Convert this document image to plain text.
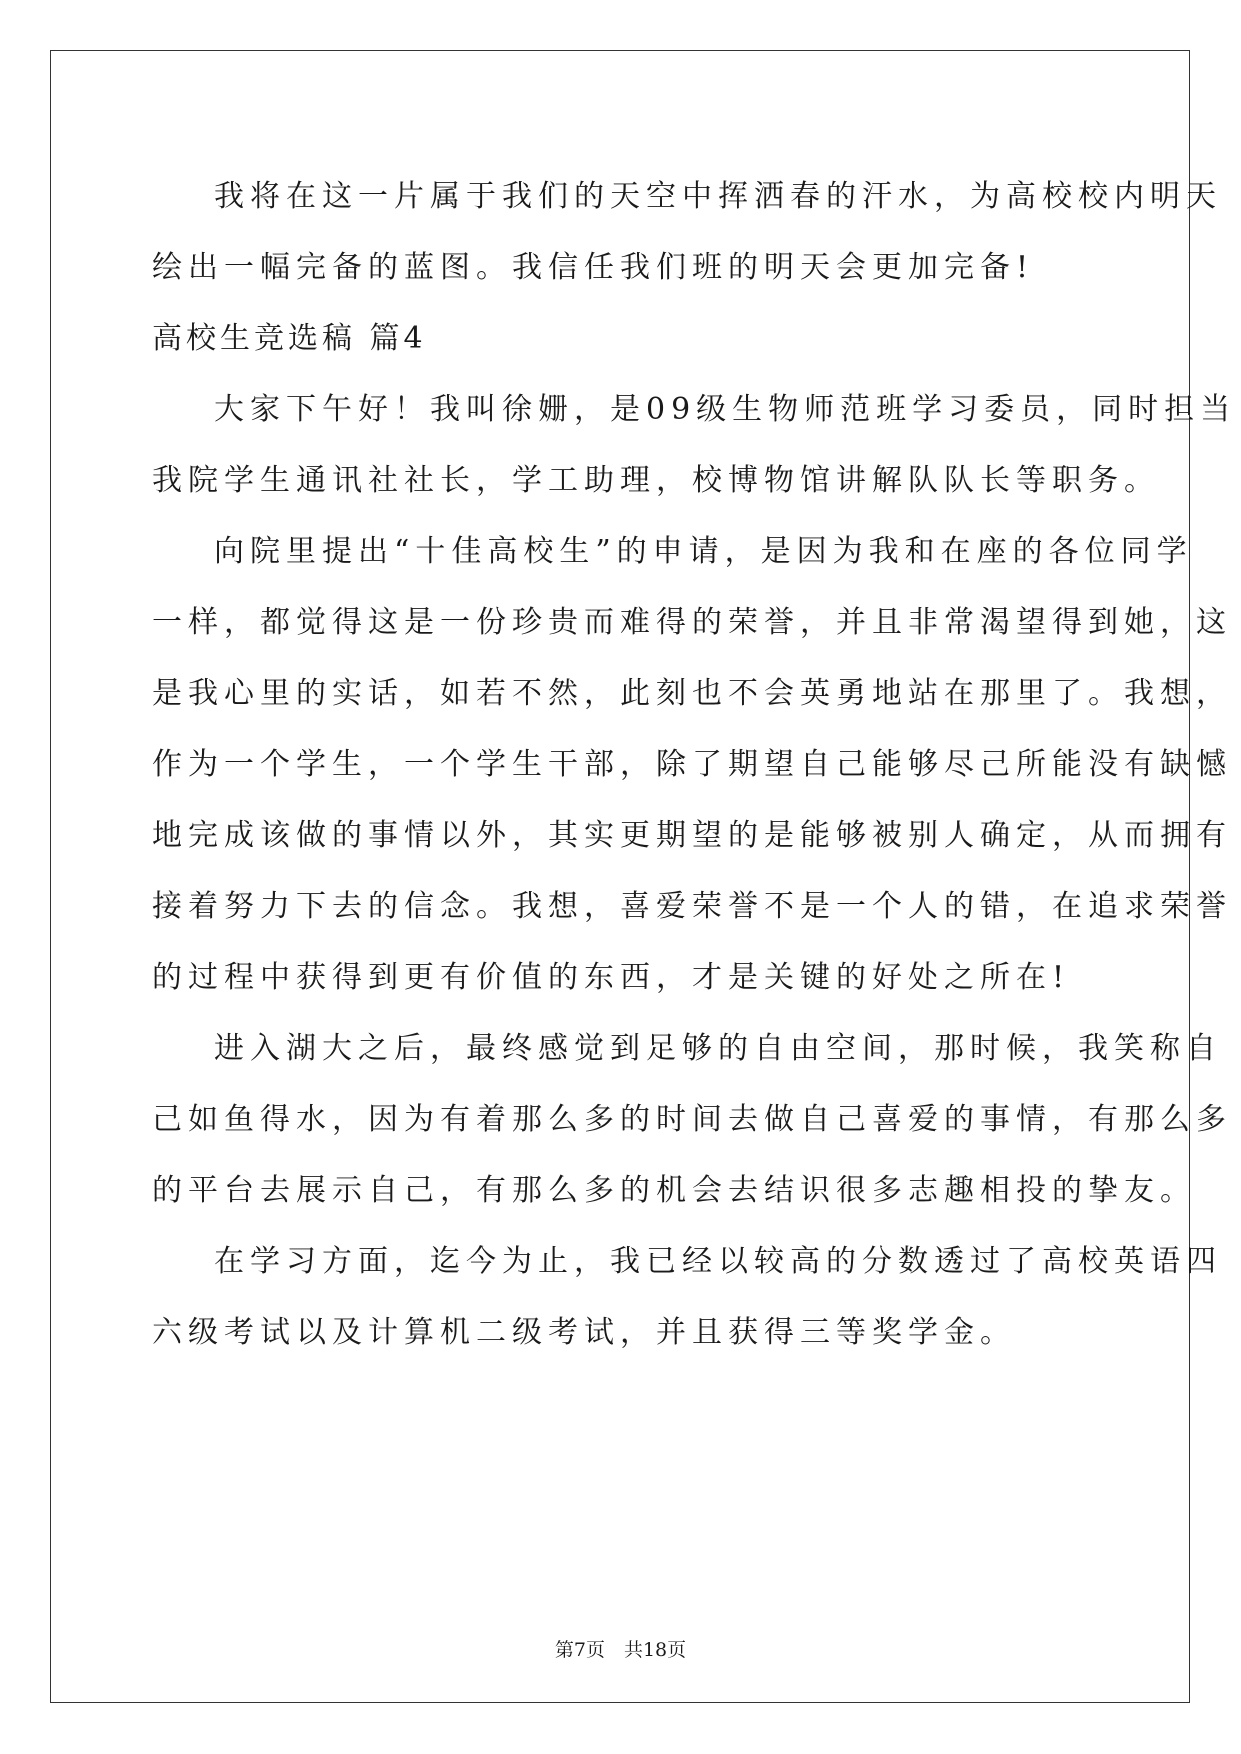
我将在这一片属于我们的天空中挥洒春的汗水，为高校校内明天
绘出一幅完备的蓝图。我信任我们班的明天会更加完备!
高校生竞选稿 篇4
大家下午好！我叫徐姗，是09级生物师范班学习委员，同时担当
我院学生通讯社社长，学工助理，校博物馆讲解队队长等职务。
向院里提出“十佳高校生”的申请，是因为我和在座的各位同学
一样，都觉得这是一份珍贵而难得的荣誉，并且非常渴望得到她，这
是我心里的实话，如若不然，此刻也不会英勇地站在那里了。我想，
作为一个学生，一个学生干部，除了期望自己能够尽己所能没有缺憾
地完成该做的事情以外，其实更期望的是能够被别人确定，从而拥有
接着努力下去的信念。我想，喜爱荣誉不是一个人的错，在追求荣誉
的过程中获得到更有价值的东西，才是关键的好处之所在!
进入湖大之后，最终感觉到足够的自由空间，那时候，我笑称自
己如鱼得水，因为有着那么多的时间去做自己喜爱的事情，有那么多
的平台去展示自己，有那么多的机会去结识很多志趣相投的挚友。
在学习方面，迄今为止，我已经以较高的分数透过了高校英语四
六级考试以及计算机二级考试，并且获得三等奖学金。
第7页　共18页
